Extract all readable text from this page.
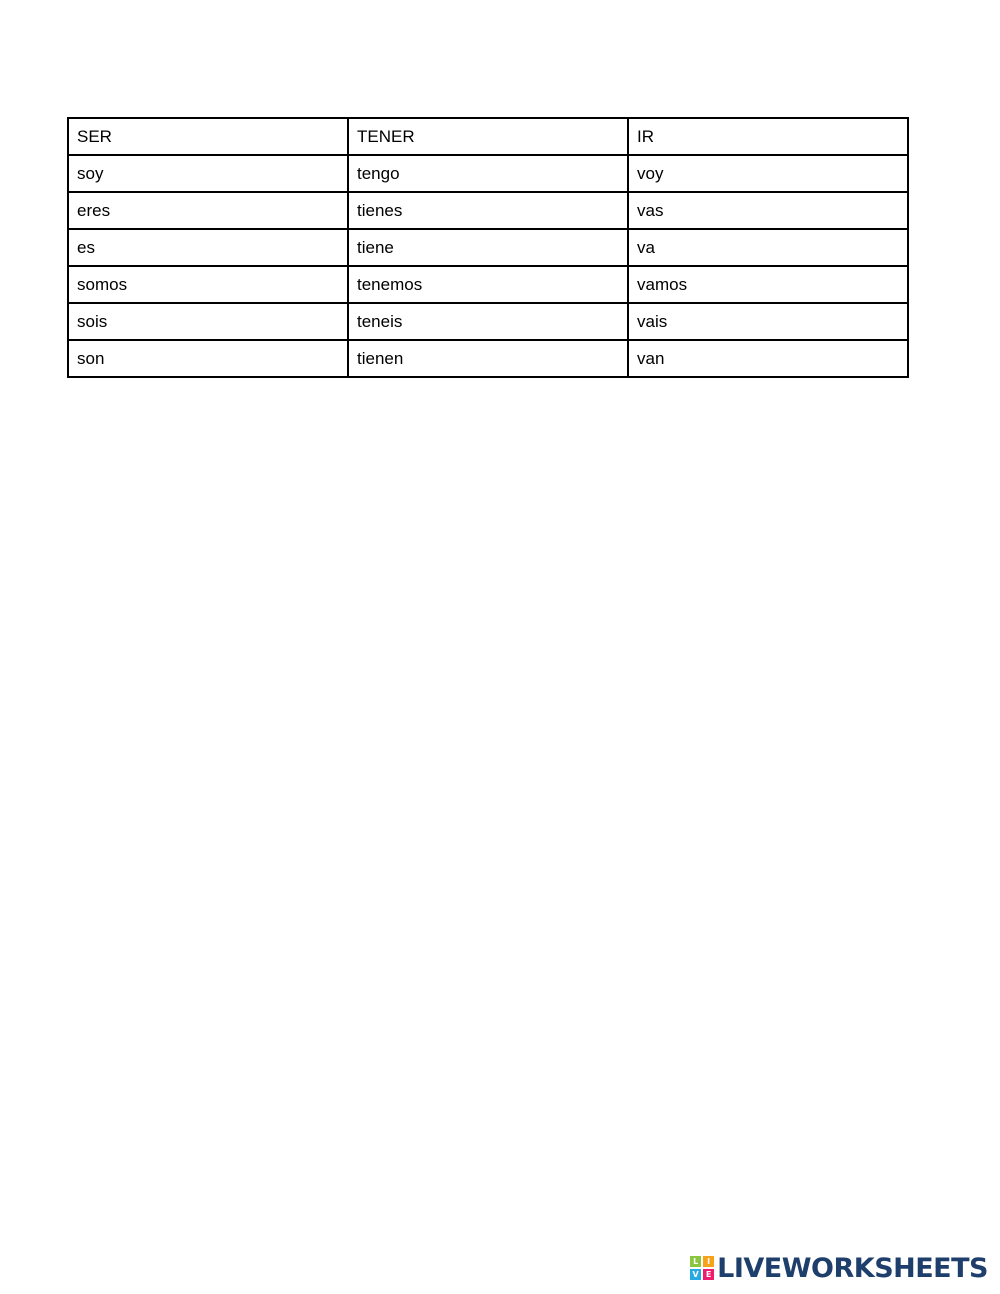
SER	TENER	IR
soy	tengo	voy
eres	tienes	vas
es	tiene	va
somos	tenemos	vamos
sois	teneis	vais
son	tienen	van
L	I
V E LIVEWORKSHEETS
